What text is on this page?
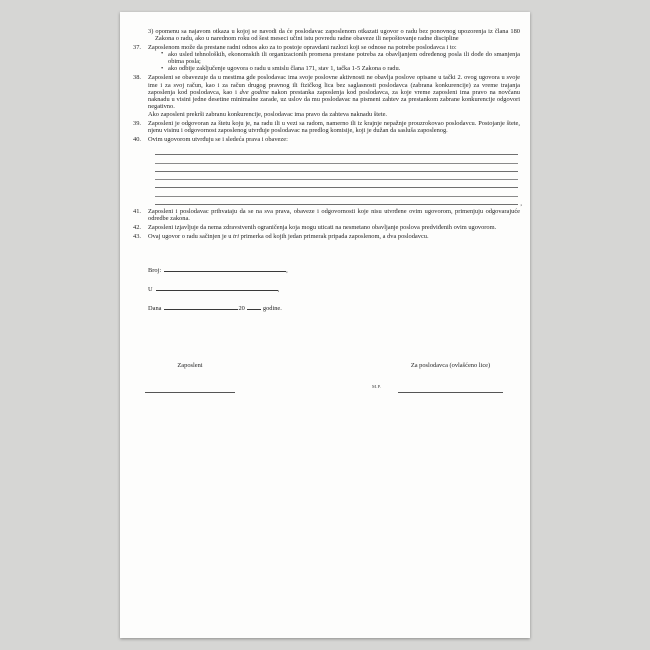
3) opomenu sa najavom otkaza u kojoj se navodi da će poslodavac zaposlenom otkazati ugovor o radu bez ponovnog upozorenja iz člana 180 Zakona o radu, ako u narednom roku od šest meseci učini istu povredu radne obaveze ili nepoštovanje radne discipline
37. Zaposlenom može da prestane radni odnos ako za to postoje opravdani razlozi koji se odnose na potrebe poslodavca i to:
• ako usled tehnoloških, ekonomskih ili organizacionih promena prestane potreba za obavljanjem određenog posla ili dođe do smanjenja obima posla;
• ako odbije zaključenje ugovora o radu u smislu člana 171, stav 1, tačka 1-5 Zakona o radu.
38. Zaposleni se obavezuje da u mestima gde poslodavac ima svoje poslovne aktivnosti ne obavlja poslove opisane u tački 2. ovog ugovora u svoje ime i za svoj račun, kao i za račun drugog pravnog ili fizičkog lica bez saglasnosti poslodavca (zabrana konkurencije) za vreme trajanja zaposlenja kod poslodavca, kao i dve godine nakon prestanka zaposlenja kod poslodavca, za koje vreme zaposleni ima pravo na novčanu naknadu u visini jedne desetine minimalne zarade, uz uslov da mu poslodavac na pismeni zahtev za prestankom zabrane konkurencije odgovori negativno.
Ako zaposleni prekrši zabranu konkurencije, poslodavac ima pravo da zahteva naknadu štete.
39. Zaposleni je odgovoran za štetu koju je, na radu ili u vezi sa radom, namerno ili iz krajnje nepažnje prouzrokovao poslodavcu. Postojanje štete, njenu visinu i odgovornost zaposlenog utvrđuje poslodavac na predlog komisije, koji je dužan da sasluša zaposlenog.
40. Ovim ugovorom utvrđuju se i sledeća prava i obaveze:
,
41. Zaposleni i poslodavac prihvataju da se na sva prava, obaveze i odgovornosti koje nisu utvrđene ovim ugovorom, primenjuju odgovarajuće odredbe zakona.
42. Zaposleni izjavljuje da nema zdravstvenih ograničenja koja mogu uticati na nesmetano obavljanje poslova predviđenih ovim ugovorom.
43. Ovaj ugovor o radu sačinjen je u tri primerka od kojih jedan primerak pripada zaposlenom, a dva poslodavcu.
Broj:	,
U	,
Dana	20	godine.
Zaposleni
M.P.
Za poslodavca (ovlašćeno lice)
